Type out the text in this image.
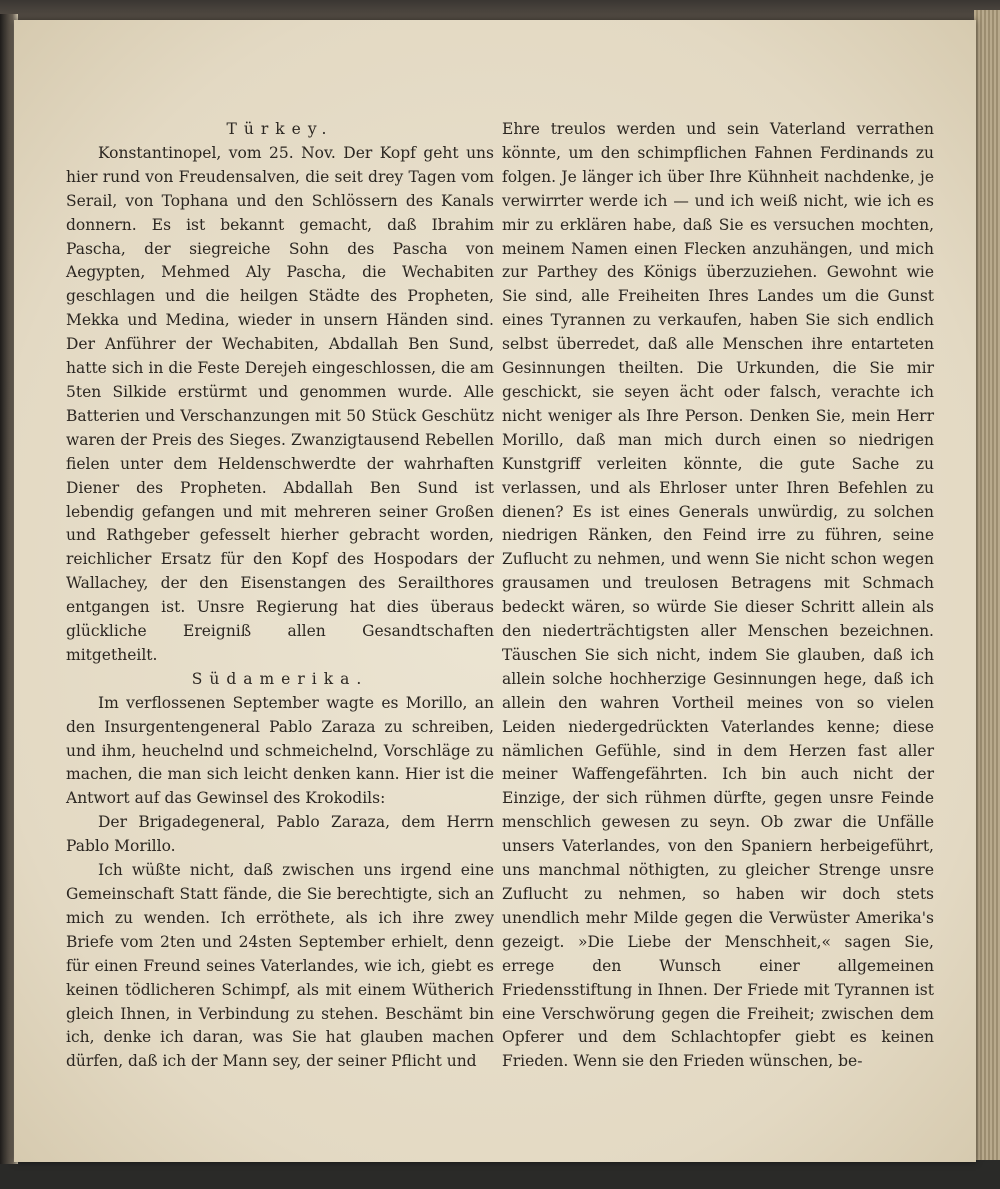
Türkey.

Konstantinopel, vom 25. Nov. Der Kopf geht uns hier rund von Freudensalven, die seit drey Tagen vom Serail, von Tophana und den Schlössern des Kanals donnern. Es ist bekannt gemacht, daß Ibrahim Pascha, der siegreiche Sohn des Pascha von Aegypten, Mehmed Aly Pascha, die Wechabiten geschlagen und die heilgen Städte des Propheten, Mekka und Medina, wieder in unsern Händen sind. Der Anführer der Wechabiten, Abdallah Ben Sund, hatte sich in die Feste Derejeh eingeschlossen, die am 5ten Silkide erstürmt und genommen wurde. Alle Batterien und Verschanzungen mit 50 Stück Geschütz waren der Preis des Sieges. Zwanzigtausend Rebellen fielen unter dem Heldenschwerdte der wahrhaften Diener des Propheten. Abdallah Ben Sund ist lebendig gefangen und mit mehreren seiner Großen und Rathgeber gefesselt hierher gebracht worden, reichlicher Ersatz für den Kopf des Hospodars der Wallachey, der den Eisenstangen des Serailthores entgangen ist. Unsre Regierung hat dies überaus glückliche Ereigniß allen Gesandtschaften mitgetheilt.

Südamerika.

Im verflossenen September wagte es Morillo, an den Insurgentengeneral Pablo Zaraza zu schreiben, und ihm, heuchelnd und schmeichelnd, Vorschläge zu machen, die man sich leicht denken kann. Hier ist die Antwort auf das Gewinsel des Krokodils:

Der Brigadegeneral, Pablo Zaraza, dem Herrn Pablo Morillo.

Ich wüßte nicht, daß zwischen uns irgend eine Gemeinschaft Statt fände, die Sie berechtigte, sich an mich zu wenden. Ich erröthete, als ich ihre zwey Briefe vom 2ten und 24sten September erhielt, denn für einen Freund seines Vaterlandes, wie ich, giebt es keinen tödlicheren Schimpf, als mit einem Wütherich gleich Ihnen, in Verbindung zu stehen. Beschämt bin ich, denke ich daran, was Sie hat glauben machen dürfen, daß ich der Mann sey, der seiner Pflicht und

Ehre treulos werden und sein Vaterland verrathen könnte, um den schimpflichen Fahnen Ferdinands zu folgen. Je länger ich über Ihre Kühnheit nachdenke, je verwirrter werde ich — und ich weiß nicht, wie ich es mir zu erklären habe, daß Sie es versuchen mochten, meinem Namen einen Flecken anzuhängen, und mich zur Parthey des Königs überzuziehen. Gewohnt wie Sie sind, alle Freiheiten Ihres Landes um die Gunst eines Tyrannen zu verkaufen, haben Sie sich endlich selbst überredet, daß alle Menschen ihre entarteten Gesinnungen theilten. Die Urkunden, die Sie mir geschickt, sie seyen ächt oder falsch, verachte ich nicht weniger als Ihre Person. Denken Sie, mein Herr Morillo, daß man mich durch einen so niedrigen Kunstgriff verleiten könnte, die gute Sache zu verlassen, und als Ehrloser unter Ihren Befehlen zu dienen? Es ist eines Generals unwürdig, zu solchen niedrigen Ränken, den Feind irre zu führen, seine Zuflucht zu nehmen, und wenn Sie nicht schon wegen grausamen und treulosen Betragens mit Schmach bedeckt wären, so würde Sie dieser Schritt allein als den niederträchtigsten aller Menschen bezeichnen. Täuschen Sie sich nicht, indem Sie glauben, daß ich allein solche hochherzige Gesinnungen hege, daß ich allein den wahren Vortheil meines von so vielen Leiden niedergedrückten Vaterlandes kenne; diese nämlichen Gefühle, sind in dem Herzen fast aller meiner Waffengefährten. Ich bin auch nicht der Einzige, der sich rühmen dürfte, gegen unsre Feinde menschlich gewesen zu seyn. Ob zwar die Unfälle unsers Vaterlandes, von den Spaniern herbeigeführt, uns manchmal nöthigten, zu gleicher Strenge unsre Zuflucht zu nehmen, so haben wir doch stets unendlich mehr Milde gegen die Verwüster Amerika's gezeigt. »Die Liebe der Menschheit,« sagen Sie, errege den Wunsch einer allgemeinen Friedensstiftung in Ihnen. Der Friede mit Tyrannen ist eine Verschwörung gegen die Freiheit; zwischen dem Opferer und dem Schlachtopfer giebt es keinen Frieden. Wenn sie den Frieden wünschen, be-
